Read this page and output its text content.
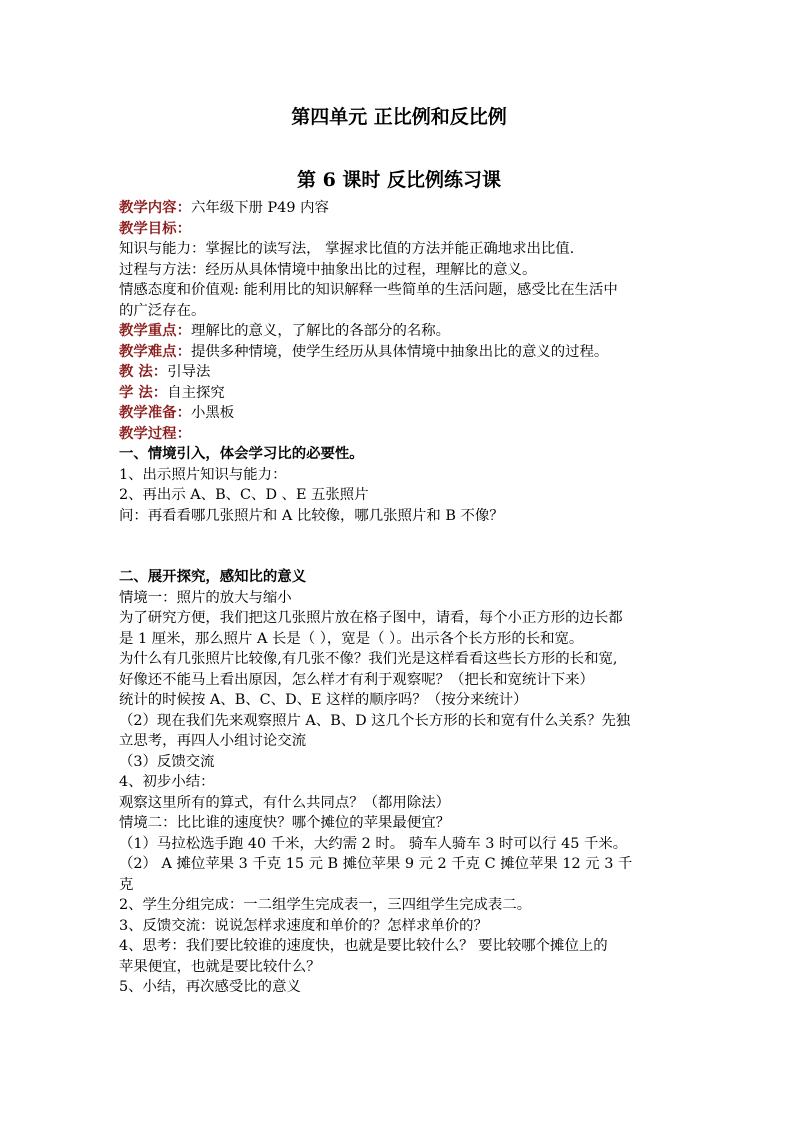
第四单元 正比例和反比例
第 6 课时 反比例练习课
教学内容：六年级下册 P49 内容
教学目标：
知识与能力：掌握比的读写法， 掌握求比值的方法并能正确地求出比值.
过程与方法：经历从具体情境中抽象出比的过程，理解比的意义。
情感态度和价值观: 能利用比的知识解释一些简单的生活问题，感受比在生活中
的广泛存在。
教学重点：理解比的意义，了解比的各部分的名称。
教学难点：提供多种情境，使学生经历从具体情境中抽象出比的意义的过程。
教 法：引导法
学 法：自主探究
教学准备：小黑板
教学过程：
一、情境引入，体会学习比的必要性。
1、出示照片知识与能力：
2、再出示 A、B、C、D 、E 五张照片
问：再看看哪几张照片和 A 比较像，哪几张照片和 B 不像？
二、展开探究，感知比的意义
情境一：照片的放大与缩小
为了研究方便，我们把这几张照片放在格子图中，请看，每个小正方形的边长都
是 1 厘米，那么照片 A 长是（ ），宽是（ ）。出示各个长方形的长和宽。
为什么有几张照片比较像,有几张不像？我们光是这样看看这些长方形的长和宽,
好像还不能马上看出原因，怎么样才有利于观察呢？（把长和宽统计下来）
统计的时候按 A、B、C、D、E 这样的顺序吗？（按分来统计）
（2）现在我们先来观察照片 A、B、D 这几个长方形的长和宽有什么关系？先独
立思考，再四人小组讨论交流
（3）反馈交流
4、初步小结：
观察这里所有的算式，有什么共同点？（都用除法）
情境二：比比谁的速度快？哪个摊位的苹果最便宜？
（1）马拉松选手跑 40 千米，大约需 2 时。 骑车人骑车 3 时可以行 45 千米。
（2） A 摊位苹果 3 千克 15 元 B 摊位苹果 9 元 2 千克 C 摊位苹果 12 元 3 千
克
2、学生分组完成：一二组学生完成表一，三四组学生完成表二。
3、反馈交流：说说怎样求速度和单价的？怎样求单价的？
4、思考：我们要比较谁的速度快，也就是要比较什么？ 要比较哪个摊位上的
苹果便宜，也就是要比较什么？
5、小结，再次感受比的意义
